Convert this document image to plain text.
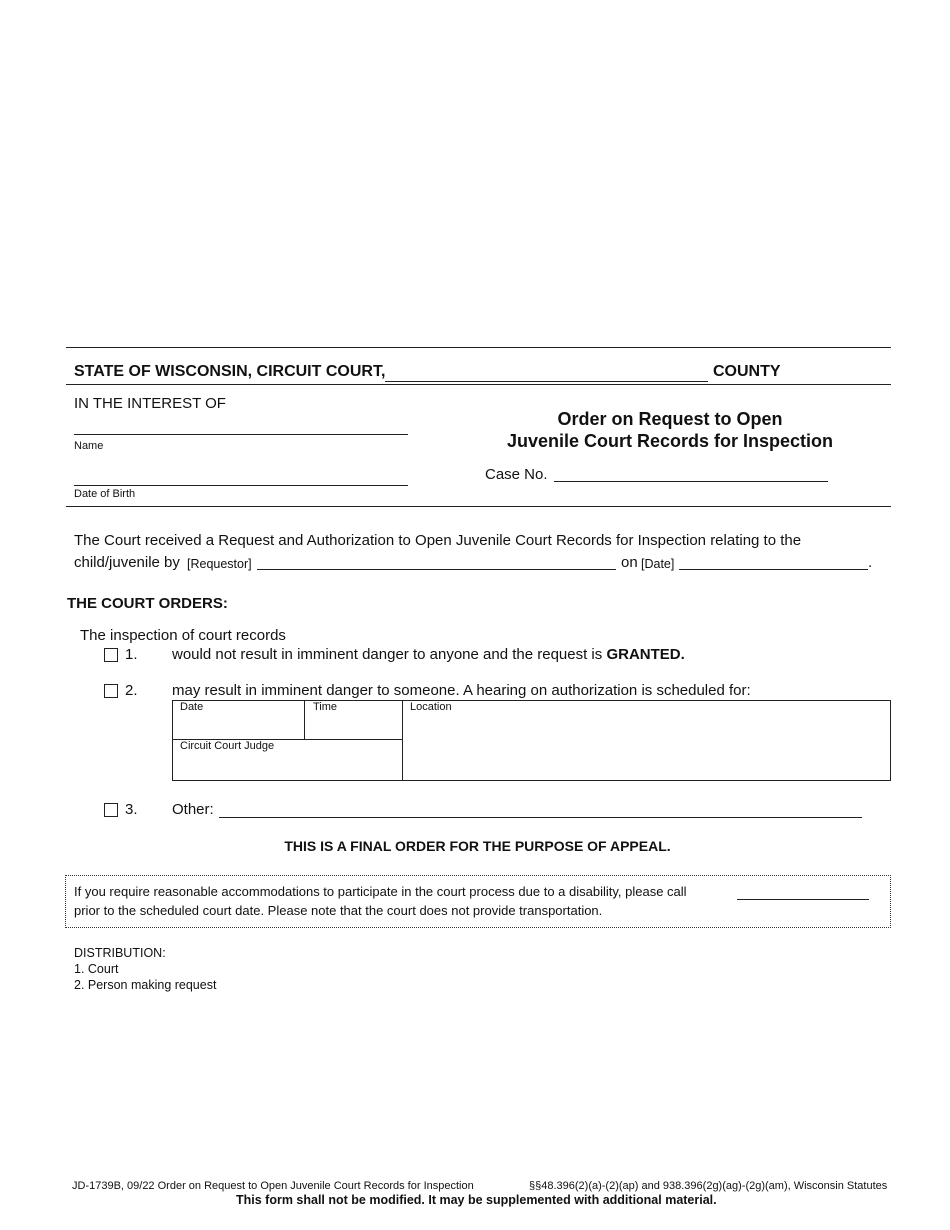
STATE OF WISCONSIN, CIRCUIT COURT,	COUNTY
IN THE INTEREST OF
Name
Date of Birth
Order on Request to Open
Juvenile Court Records for Inspection
Case No.
The Court received a Request and Authorization to Open Juvenile Court Records for Inspection relating to the
child/juvenile by [Requestor]	on [Date]	.
THE COURT ORDERS:
The inspection of court records
1. would not result in imminent danger to anyone and the request is GRANTED.
2. may result in imminent danger to someone. A hearing on authorization is scheduled for:
Date	Time	Location
Circuit Court Judge
3. Other:
THIS IS A FINAL ORDER FOR THE PURPOSE OF APPEAL.
If you require reasonable accommodations to participate in the court process due to a disability, please call
prior to the scheduled court date. Please note that the court does not provide transportation.
DISTRIBUTION:
1. Court
2. Person making request
JD-1739B, 09/22 Order on Request to Open Juvenile Court Records for Inspection	§§48.396(2)(a)-(2)(ap) and 938.396(2g)(ag)-(2g)(am), Wisconsin Statutes
This form shall not be modified. It may be supplemented with additional material.
